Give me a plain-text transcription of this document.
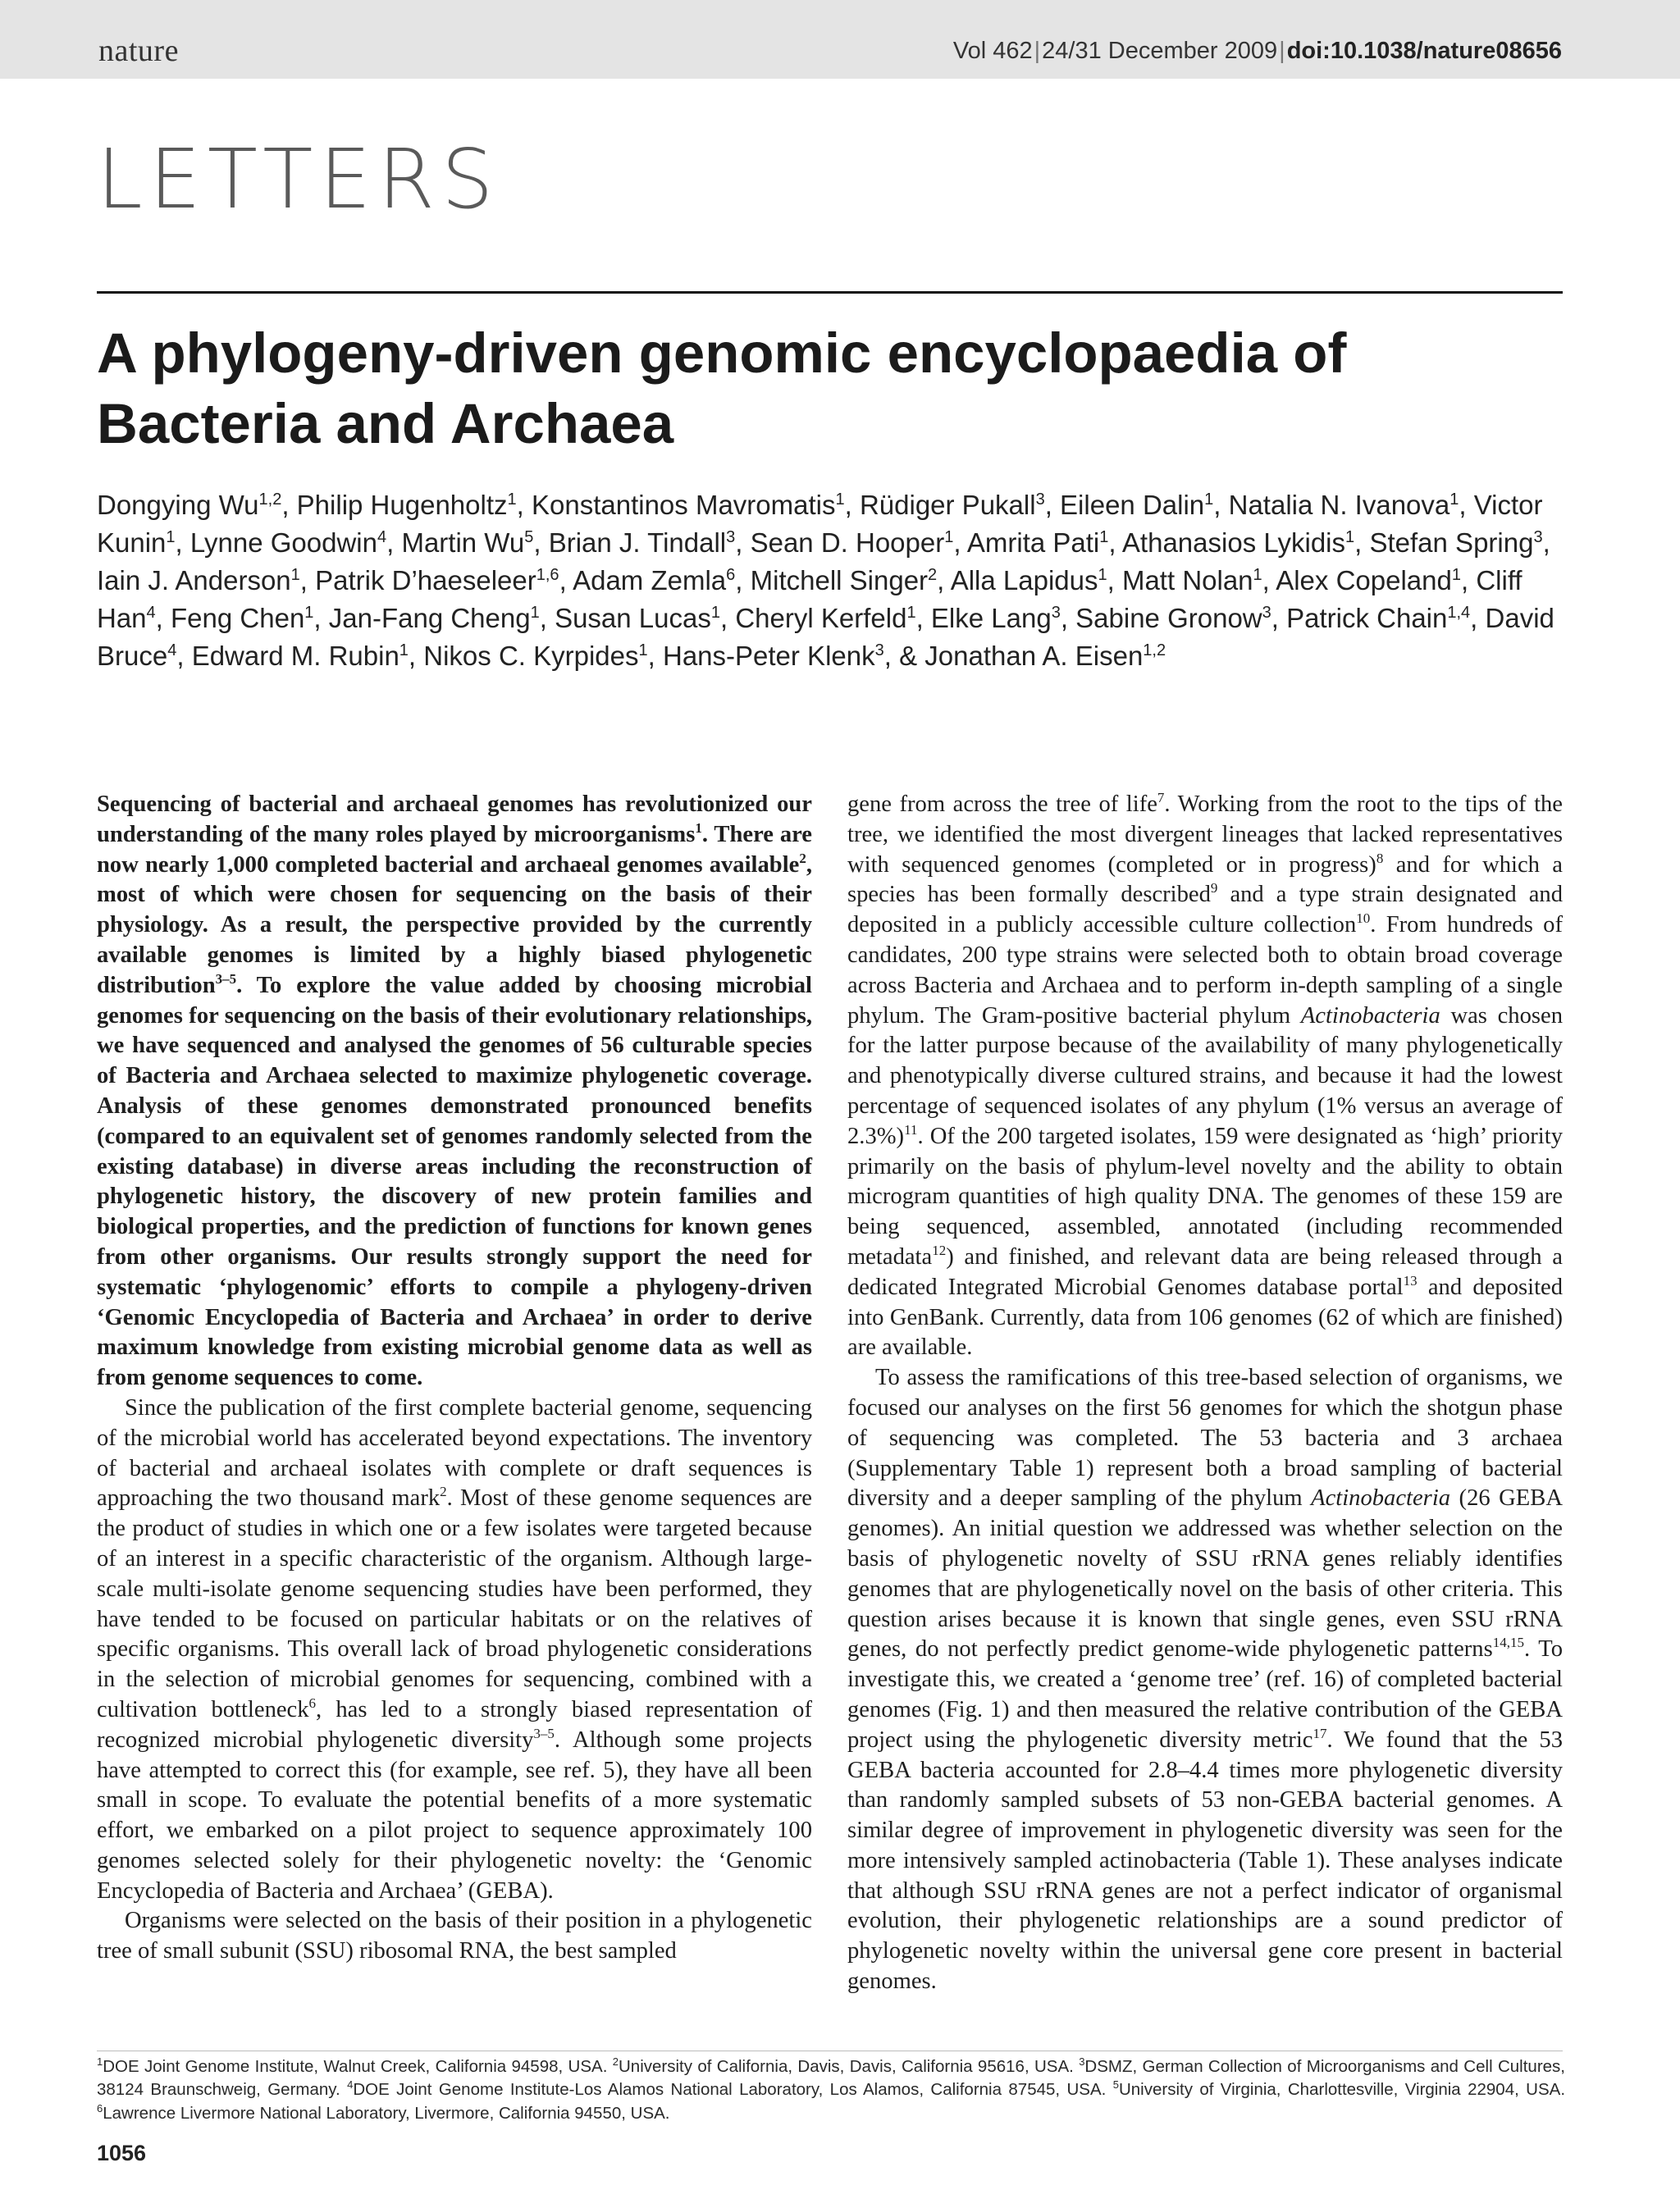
nature	Vol 462|24/31 December 2009|doi:10.1038/nature08656
LETTERS
A phylogeny-driven genomic encyclopaedia of Bacteria and Archaea
Dongying Wu$^{1,2}$, Philip Hugenholtz$^1$, Konstantinos Mavromatis$^1$, Rüdiger Pukall$^3$, Eileen Dalin$^1$, Natalia N. Ivanova$^1$, Victor Kunin$^1$, Lynne Goodwin$^4$, Martin Wu$^5$, Brian J. Tindall$^3$, Sean D. Hooper$^1$, Amrita Pati$^1$, Athanasios Lykidis$^1$, Stefan Spring$^3$, Iain J. Anderson$^1$, Patrik D’haeseleer$^{1,6}$, Adam Zemla$^6$, Mitchell Singer$^2$, Alla Lapidus$^1$, Matt Nolan$^1$, Alex Copeland$^1$, Cliff Han$^4$, Feng Chen$^1$, Jan-Fang Cheng$^1$, Susan Lucas$^1$, Cheryl Kerfeld$^1$, Elke Lang$^3$, Sabine Gronow$^3$, Patrick Chain$^{1,4}$, David Bruce$^4$, Edward M. Rubin$^1$, Nikos C. Kyrpides$^1$, Hans-Peter Klenk$^3$, & Jonathan A. Eisen$^{1,2}$

Sequencing of bacterial and archaeal genomes has revolutionized our understanding of the many roles played by microorganisms$^1$. There are now nearly 1,000 completed bacterial and archaeal genomes available$^2$, most of which were chosen for sequencing on the basis of their physiology. As a result, the perspective provided by the currently available genomes is limited by a highly biased phylogenetic distribution$^{3-5}$. To explore the value added by choosing microbial genomes for sequencing on the basis of their evolutionary relationships, we have sequenced and analysed the genomes of 56 culturable species of Bacteria and Archaea selected to maximize phylogenetic coverage. Analysis of these genomes demonstrated pronounced benefits (compared to an equivalent set of genomes randomly selected from the existing database) in diverse areas including the reconstruction of phylogenetic history, the discovery of new protein families and biological properties, and the prediction of functions for known genes from other organisms. Our results strongly support the need for systematic ‘phylogenomic’ efforts to compile a phylogeny-driven ‘Genomic Encyclopedia of Bacteria and Archaea’ in order to derive maximum knowledge from existing microbial genome data as well as from genome sequences to come.

Since the publication of the first complete bacterial genome, sequencing of the microbial world has accelerated beyond expectations. The inventory of bacterial and archaeal isolates with complete or draft sequences is approaching the two thousand mark$^2$. Most of these genome sequences are the product of studies in which one or a few isolates were targeted because of an interest in a specific characteristic of the organism. Although large-scale multi-isolate genome sequencing studies have been performed, they have tended to be focused on particular habitats or on the relatives of specific organisms. This overall lack of broad phylogenetic considerations in the selection of microbial genomes for sequencing, combined with a cultivation bottleneck$^6$, has led to a strongly biased representation of recognized microbial phylogenetic diversity$^{3-5}$. Although some projects have attempted to correct this (for example, see ref. 5), they have all been small in scope. To evaluate the potential benefits of a more systematic effort, we embarked on a pilot project to sequence approximately 100 genomes selected solely for their phylogenetic novelty: the ‘Genomic Encyclopedia of Bacteria and Archaea’ (GEBA).

Organisms were selected on the basis of their position in a phylogenetic tree of small subunit (SSU) ribosomal RNA, the best sampled

gene from across the tree of life$^7$. Working from the root to the tips of the tree, we identified the most divergent lineages that lacked representatives with sequenced genomes (completed or in progress)$^8$ and for which a species has been formally described$^9$ and a type strain designated and deposited in a publicly accessible culture collection$^{10}$. From hundreds of candidates, 200 type strains were selected both to obtain broad coverage across Bacteria and Archaea and to perform in-depth sampling of a single phylum. The Gram-positive bacterial phylum Actinobacteria was chosen for the latter purpose because of the availability of many phylogenetically and phenotypically diverse cultured strains, and because it had the lowest percentage of sequenced isolates of any phylum (1% versus an average of 2.3%)$^{11}$. Of the 200 targeted isolates, 159 were designated as ‘high’ priority primarily on the basis of phylum-level novelty and the ability to obtain microgram quantities of high quality DNA. The genomes of these 159 are being sequenced, assembled, annotated (including recommended metadata$^{12}$) and finished, and relevant data are being released through a dedicated Integrated Microbial Genomes database portal$^{13}$ and deposited into GenBank. Currently, data from 106 genomes (62 of which are finished) are available.

To assess the ramifications of this tree-based selection of organisms, we focused our analyses on the first 56 genomes for which the shotgun phase of sequencing was completed. The 53 bacteria and 3 archaea (Supplementary Table 1) represent both a broad sampling of bacterial diversity and a deeper sampling of the phylum Actinobacteria (26 GEBA genomes). An initial question we addressed was whether selection on the basis of phylogenetic novelty of SSU rRNA genes reliably identifies genomes that are phylogenetically novel on the basis of other criteria. This question arises because it is known that single genes, even SSU rRNA genes, do not perfectly predict genome-wide phylogenetic patterns$^{14,15}$. To investigate this, we created a ‘genome tree’ (ref. 16) of completed bacterial genomes (Fig. 1) and then measured the relative contribution of the GEBA project using the phylogenetic diversity metric$^{17}$. We found that the 53 GEBA bacteria accounted for 2.8–4.4 times more phylogenetic diversity than randomly sampled subsets of 53 non-GEBA bacterial genomes. A similar degree of improvement in phylogenetic diversity was seen for the more intensively sampled actinobacteria (Table 1). These analyses indicate that although SSU rRNA genes are not a perfect indicator of organismal evolution, their phylogenetic relationships are a sound predictor of phylogenetic novelty within the universal gene core present in bacterial genomes.

$^1$DOE Joint Genome Institute, Walnut Creek, California 94598, USA. $^2$University of California, Davis, Davis, California 95616, USA. $^3$DSMZ, German Collection of Microorganisms and Cell Cultures, 38124 Braunschweig, Germany. $^4$DOE Joint Genome Institute-Los Alamos National Laboratory, Los Alamos, California 87545, USA. $^5$University of Virginia, Charlottesville, Virginia 22904, USA. $^6$Lawrence Livermore National Laboratory, Livermore, California 94550, USA.
1056
